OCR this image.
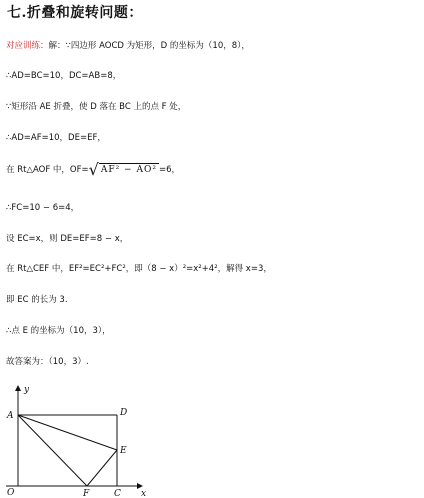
七.折叠和旋转问题：
对应训练：解：∵四边形 AOCD 为矩形，D 的坐标为（10，8），
∴AD=BC=10，DC=AB=8，
∵矩形沿 AE 折叠，使 D 落在 BC 上的点 F 处，
∴AD=AF=10，DE=EF，
在 Rt△AOF 中，OF=√ AF² − AO² =6，
∴FC=10 − 6=4，
设 EC=x，则 DE=EF=8 − x，
在 Rt△CEF 中，EF²=EC²+FC²，即（8 − x）²=x²+4²，解得 x=3，
即 EC 的长为 3.
∴点 E 的坐标为（10，3），
故答案为：（10，3）.
y
A	D
E
O	F	C x
